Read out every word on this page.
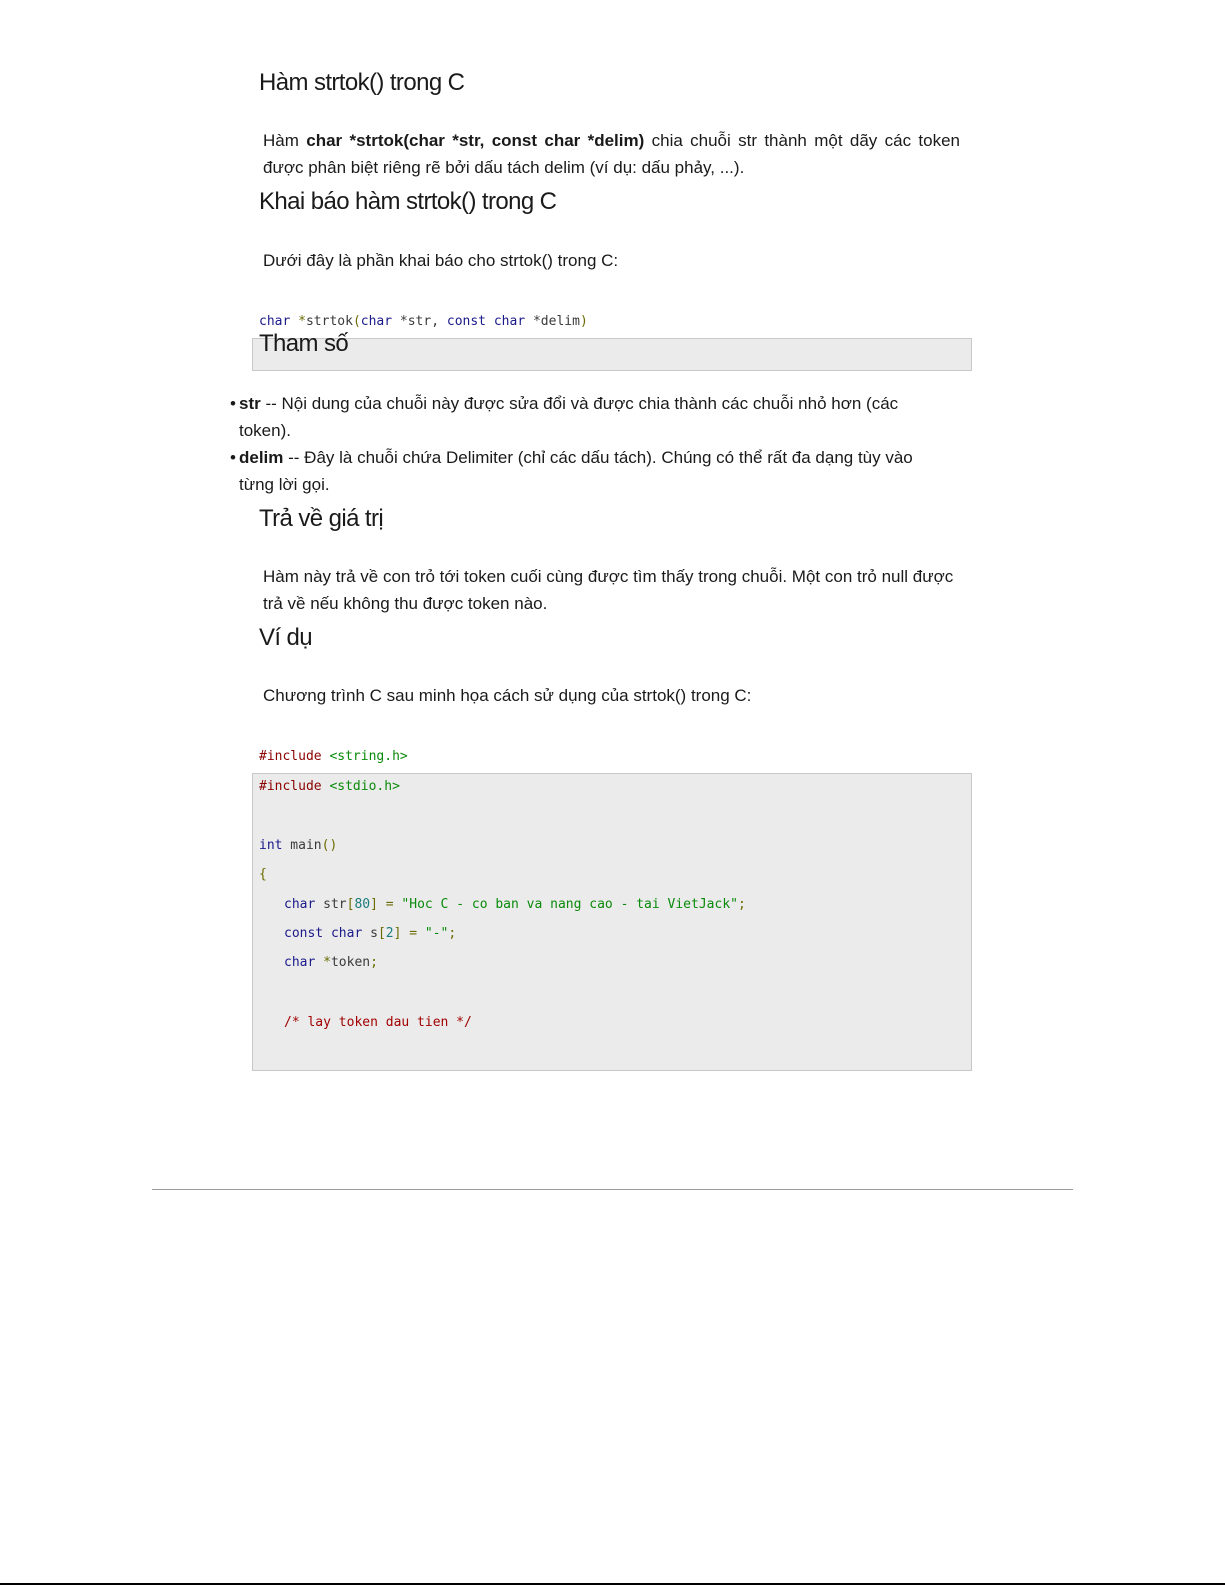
Hàm strtok() trong C
Hàm char *strtok(char *str, const char *delim) chia chuỗi str thành một dãy các token được phân biệt riêng rẽ bởi dấu tách delim (ví dụ: dấu phảy, ...).
Khai báo hàm strtok() trong C
Dưới đây là phần khai báo cho strtok() trong C:
char *strtok(char *str, const char *delim)
Tham số
• str -- Nội dung của chuỗi này được sửa đổi và được chia thành các chuỗi nhỏ hơn (các token).
• delim -- Đây là chuỗi chứa Delimiter (chỉ các dấu tách). Chúng có thể rất đa dạng tùy vào từng lời gọi.
Trả về giá trị
Hàm này trả về con trỏ tới token cuối cùng được tìm thấy trong chuỗi. Một con trỏ null được trả về nếu không thu được token nào.
Ví dụ
Chương trình C sau minh họa cách sử dụng của strtok() trong C:
#include <string.h>
#include <stdio.h>
int main()
{
char str[80] = "Hoc C - co ban va nang cao - tai VietJack";
const char s[2] = "-";
char *token;
/* lay token dau tien */
